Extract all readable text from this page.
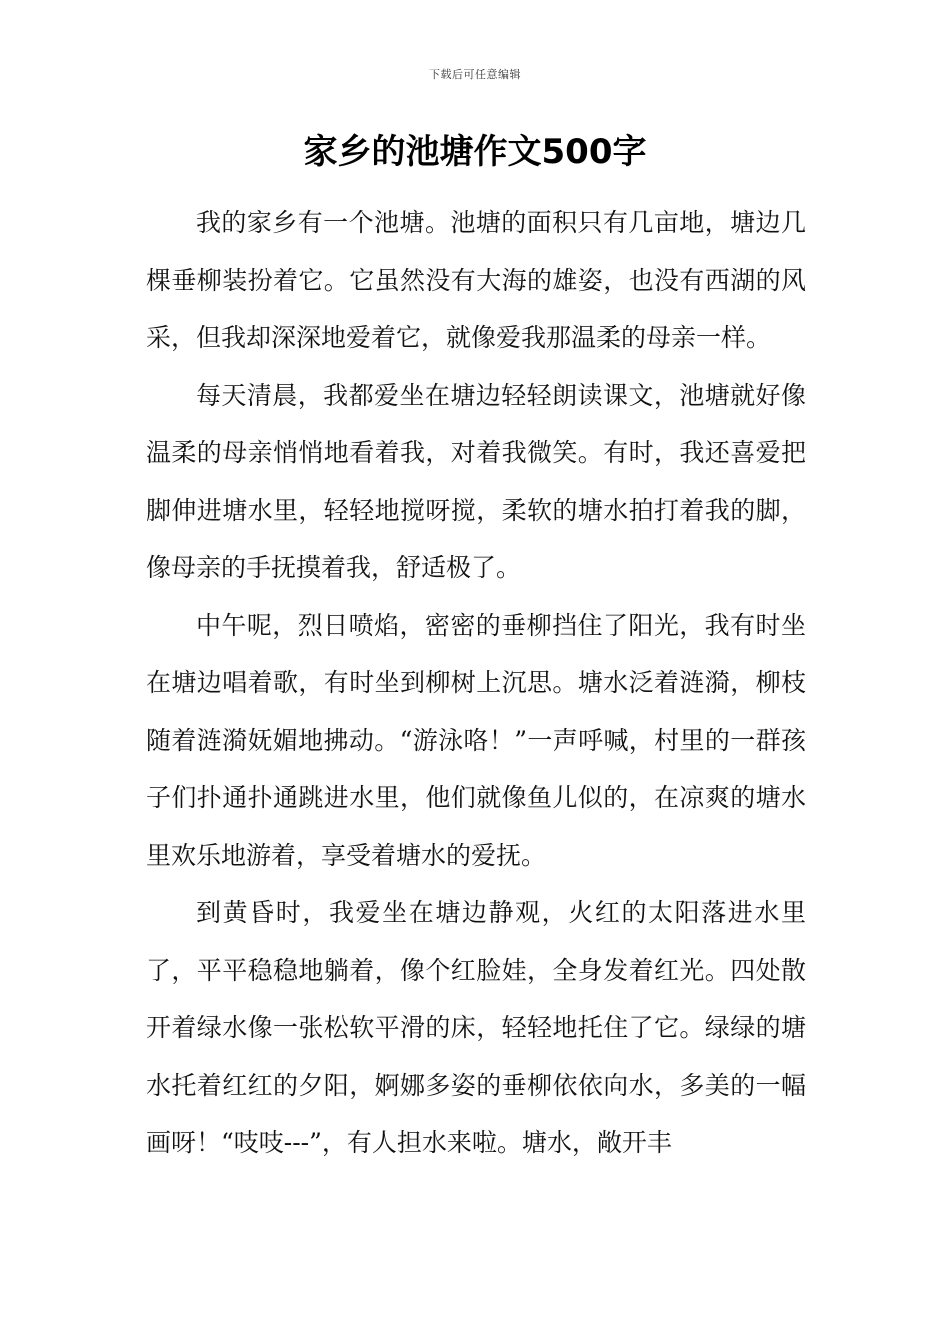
下载后可任意编辑
家乡的池塘作文500字

我的家乡有一个池塘。池塘的面积只有几亩地，塘边几棵垂柳装扮着它。它虽然没有大海的雄姿，也没有西湖的风采，但我却深深地爱着它，就像爱我那温柔的母亲一样。

每天清晨，我都爱坐在塘边轻轻朗读课文，池塘就好像温柔的母亲悄悄地看着我，对着我微笑。有时，我还喜爱把脚伸进塘水里，轻轻地搅呀搅，柔软的塘水拍打着我的脚，像母亲的手抚摸着我，舒适极了。

中午呢，烈日喷焰，密密的垂柳挡住了阳光，我有时坐在塘边唱着歌，有时坐到柳树上沉思。塘水泛着涟漪，柳枝随着涟漪妩媚地拂动。“游泳咯！”一声呼喊，村里的一群孩子们扑通扑通跳进水里，他们就像鱼儿似的，在凉爽的塘水里欢乐地游着，享受着塘水的爱抚。

到黄昏时，我爱坐在塘边静观，火红的太阳落进水里了，平平稳稳地躺着，像个红脸娃，全身发着红光。四处散开着绿水像一张松软平滑的床，轻轻地托住了它。绿绿的塘水托着红红的夕阳，婀娜多姿的垂柳依依向水，多美的一幅画呀！“吱吱---”，有人担水来啦。塘水，敞开丰
